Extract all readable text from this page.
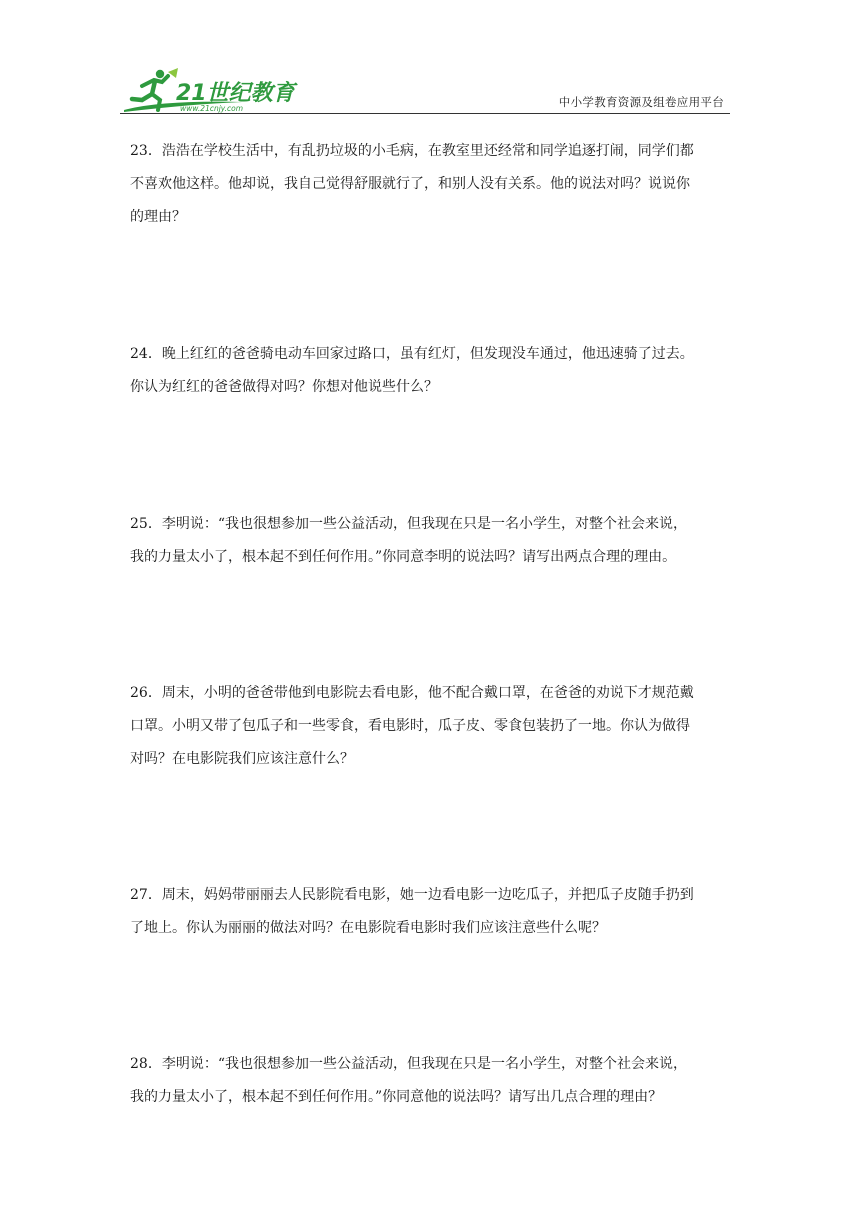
21世纪教育
www.21cnjy.com	中小学教育资源及组卷应用平台
23．浩浩在学校生活中，有乱扔垃圾的小毛病，在教室里还经常和同学追逐打闹，同学们都
不喜欢他这样。他却说，我自己觉得舒服就行了，和别人没有关系。他的说法对吗？说说你
的理由？
24．晚上红红的爸爸骑电动车回家过路口，虽有红灯，但发现没车通过，他迅速骑了过去。
你认为红红的爸爸做得对吗？你想对他说些什么？
25．李明说：“我也很想参加一些公益活动，但我现在只是一名小学生，对整个社会来说，
我的力量太小了，根本起不到任何作用。”你同意李明的说法吗？请写出两点合理的理由。
26．周末，小明的爸爸带他到电影院去看电影，他不配合戴口罩，在爸爸的劝说下才规范戴
口罩。小明又带了包瓜子和一些零食，看电影时，瓜子皮、零食包装扔了一地。你认为做得
对吗？在电影院我们应该注意什么？
27．周末，妈妈带丽丽去人民影院看电影，她一边看电影一边吃瓜子，并把瓜子皮随手扔到
了地上。你认为丽丽的做法对吗？在电影院看电影时我们应该注意些什么呢？
28．李明说：“我也很想参加一些公益活动，但我现在只是一名小学生，对整个社会来说，
我的力量太小了，根本起不到任何作用。”你同意他的说法吗？请写出几点合理的理由？
